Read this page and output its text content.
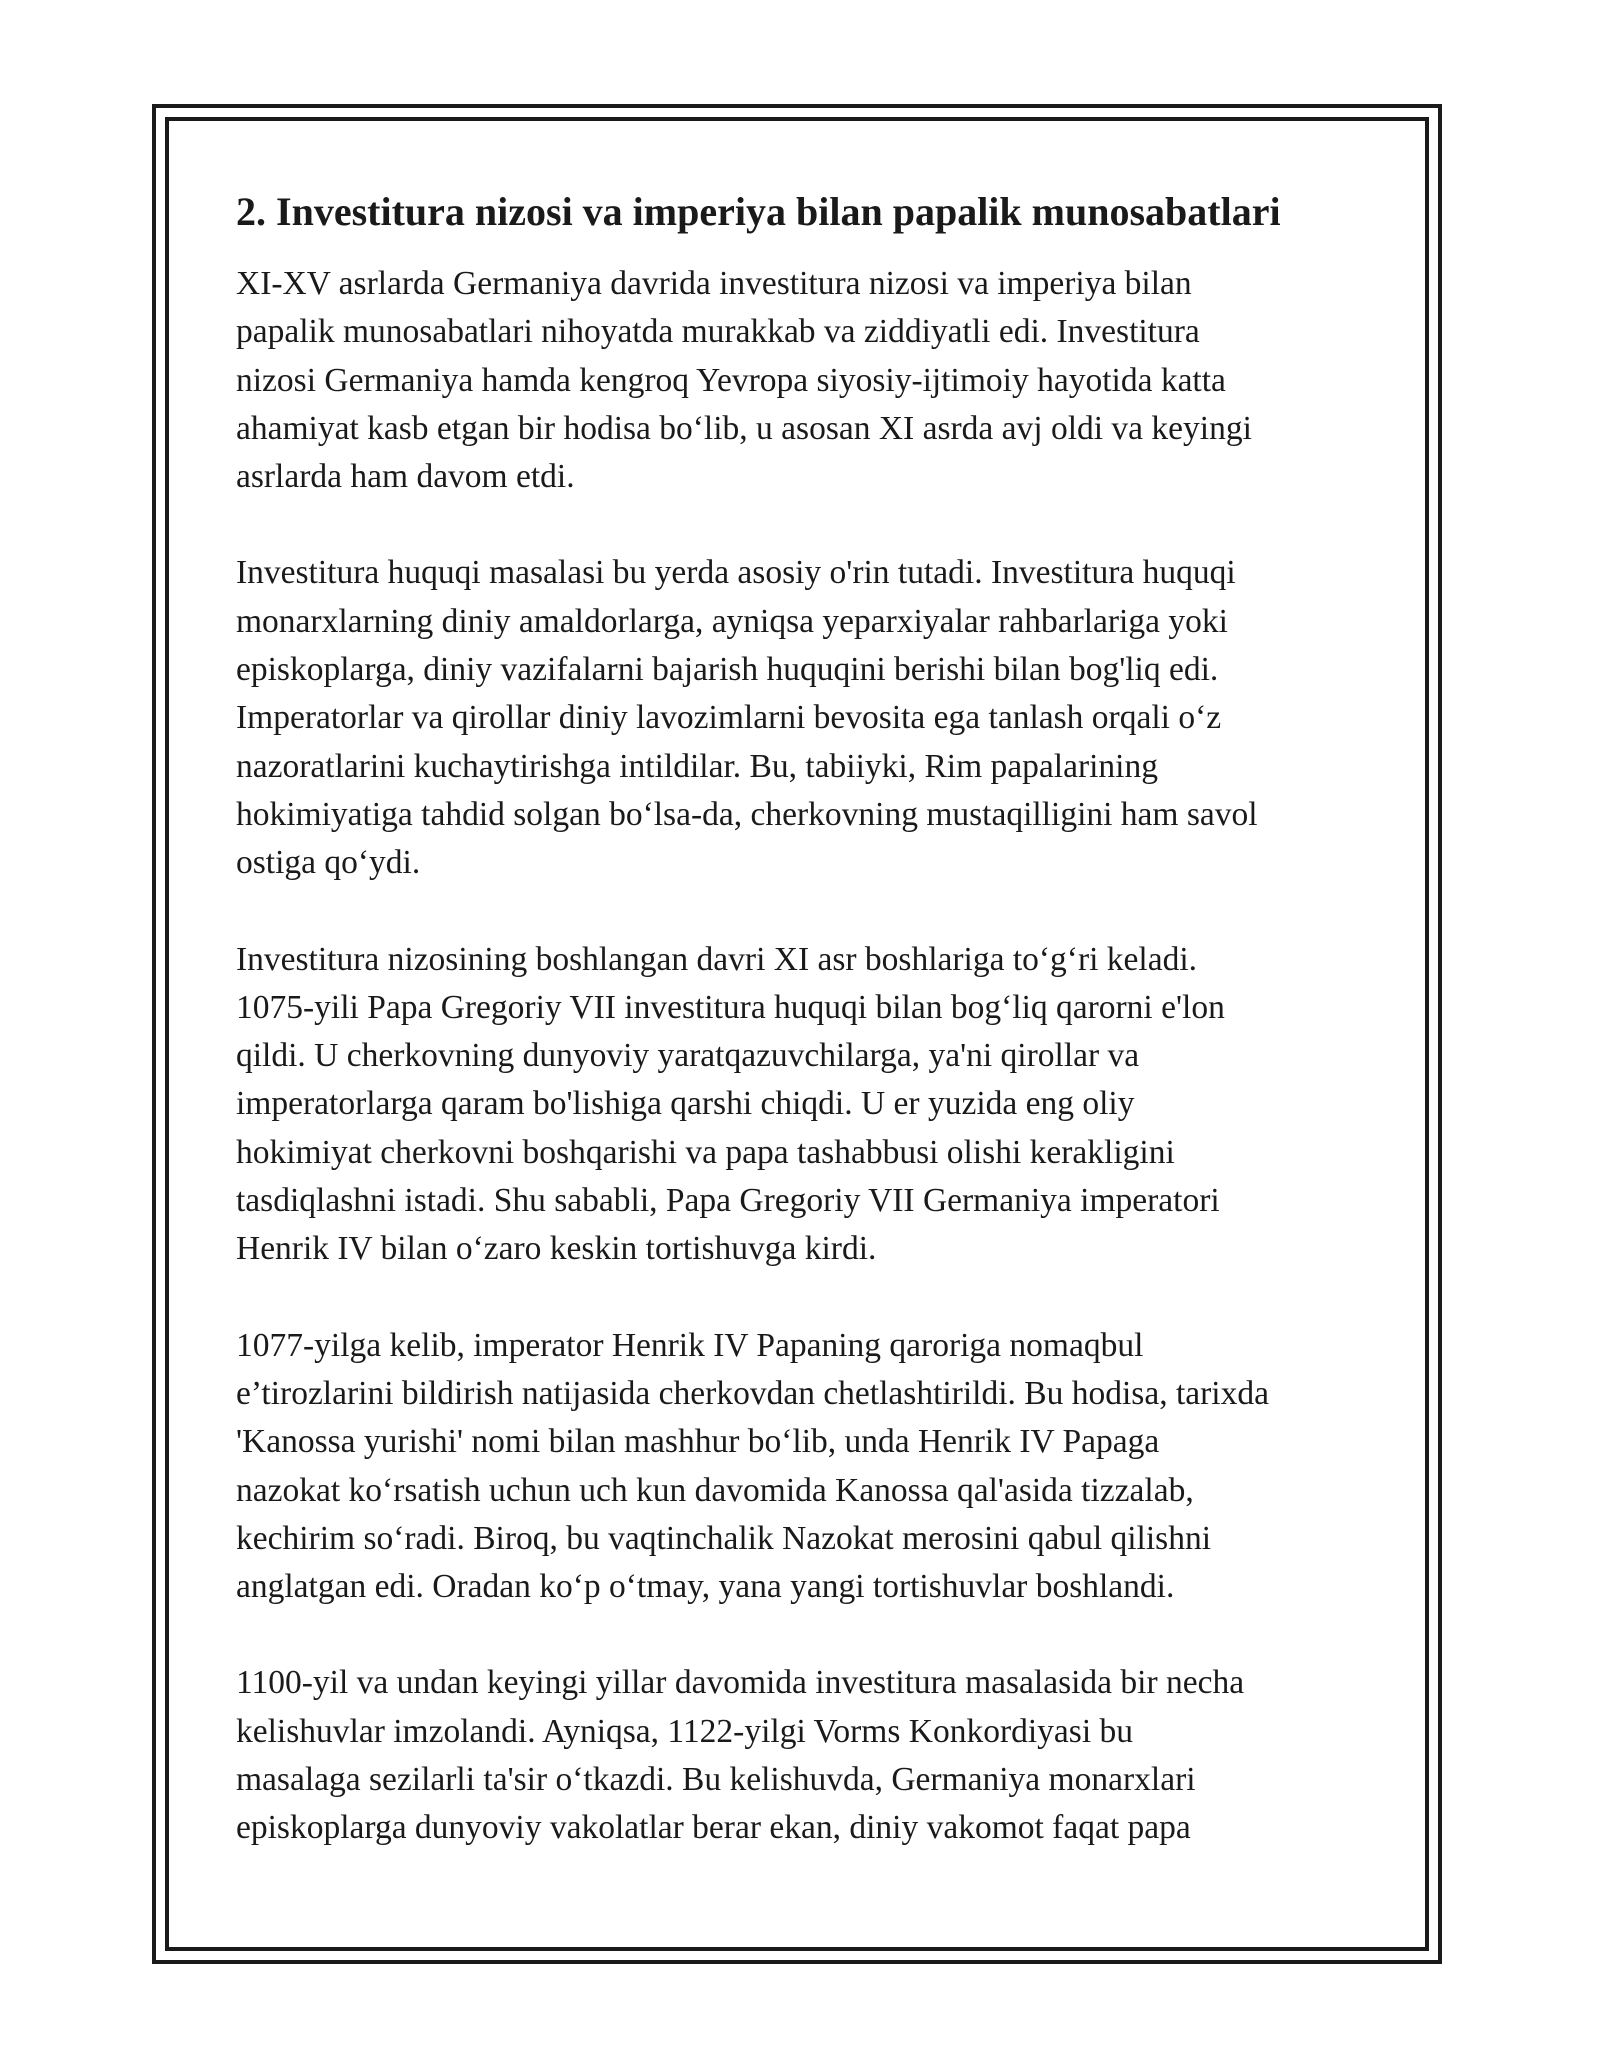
2. Investitura nizosi va imperiya bilan papalik munosabatlari
XI-XV asrlarda Germaniya davrida investitura nizosi va imperiya bilan
papalik munosabatlari nihoyatda murakkab va ziddiyatli edi. Investitura
nizosi Germaniya hamda kengroq Yevropa siyosiy-ijtimoiy hayotida katta
ahamiyat kasb etgan bir hodisa boʻlib, u asosan XI asrda avj oldi va keyingi
asrlarda ham davom etdi.
Investitura huquqi masalasi bu yerda asosiy o'rin tutadi. Investitura huquqi
monarxlarning diniy amaldorlarga, ayniqsa yeparxiyalar rahbarlariga yoki
episkoplarga, diniy vazifalarni bajarish huquqini berishi bilan bog'liq edi.
Imperatorlar va qirollar diniy lavozimlarni bevosita ega tanlash orqali oʻz
nazoratlarini kuchaytirishga intildilar. Bu, tabiiyki, Rim papalarining
hokimiyatiga tahdid solgan boʻlsa-da, cherkovning mustaqilligini ham savol
ostiga qoʻydi.
Investitura nizosining boshlangan davri XI asr boshlariga toʻgʻri keladi.
1075-yili Papa Gregoriy VII investitura huquqi bilan bogʻliq qarorni e'lon
qildi. U cherkovning dunyoviy yaratqazuvchilarga, ya'ni qirollar va
imperatorlarga qaram bo'lishiga qarshi chiqdi. U er yuzida eng oliy
hokimiyat cherkovni boshqarishi va papa tashabbusi olishi kerakligini
tasdiqlashni istadi. Shu sababli, Papa Gregoriy VII Germaniya imperatori
Henrik IV bilan oʻzaro keskin tortishuvga kirdi.
1077-yilga kelib, imperator Henrik IV Papaning qaroriga nomaqbul
e’tirozlarini bildirish natijasida cherkovdan chetlashtirildi. Bu hodisa, tarixda
'Kanossa yurishi' nomi bilan mashhur boʻlib, unda Henrik IV Papaga
nazokat koʻrsatish uchun uch kun davomida Kanossa qal'asida tizzalab,
kechirim soʻradi. Biroq, bu vaqtinchalik Nazokat merosini qabul qilishni
anglatgan edi. Oradan koʻp oʻtmay, yana yangi tortishuvlar boshlandi.
1100-yil va undan keyingi yillar davomida investitura masalasida bir necha
kelishuvlar imzolandi. Ayniqsa, 1122-yilgi Vorms Konkordiyasi bu
masalaga sezilarli ta'sir oʻtkazdi. Bu kelishuvda, Germaniya monarxlari
episkoplarga dunyoviy vakolatlar berar ekan, diniy vakomot faqat papa
